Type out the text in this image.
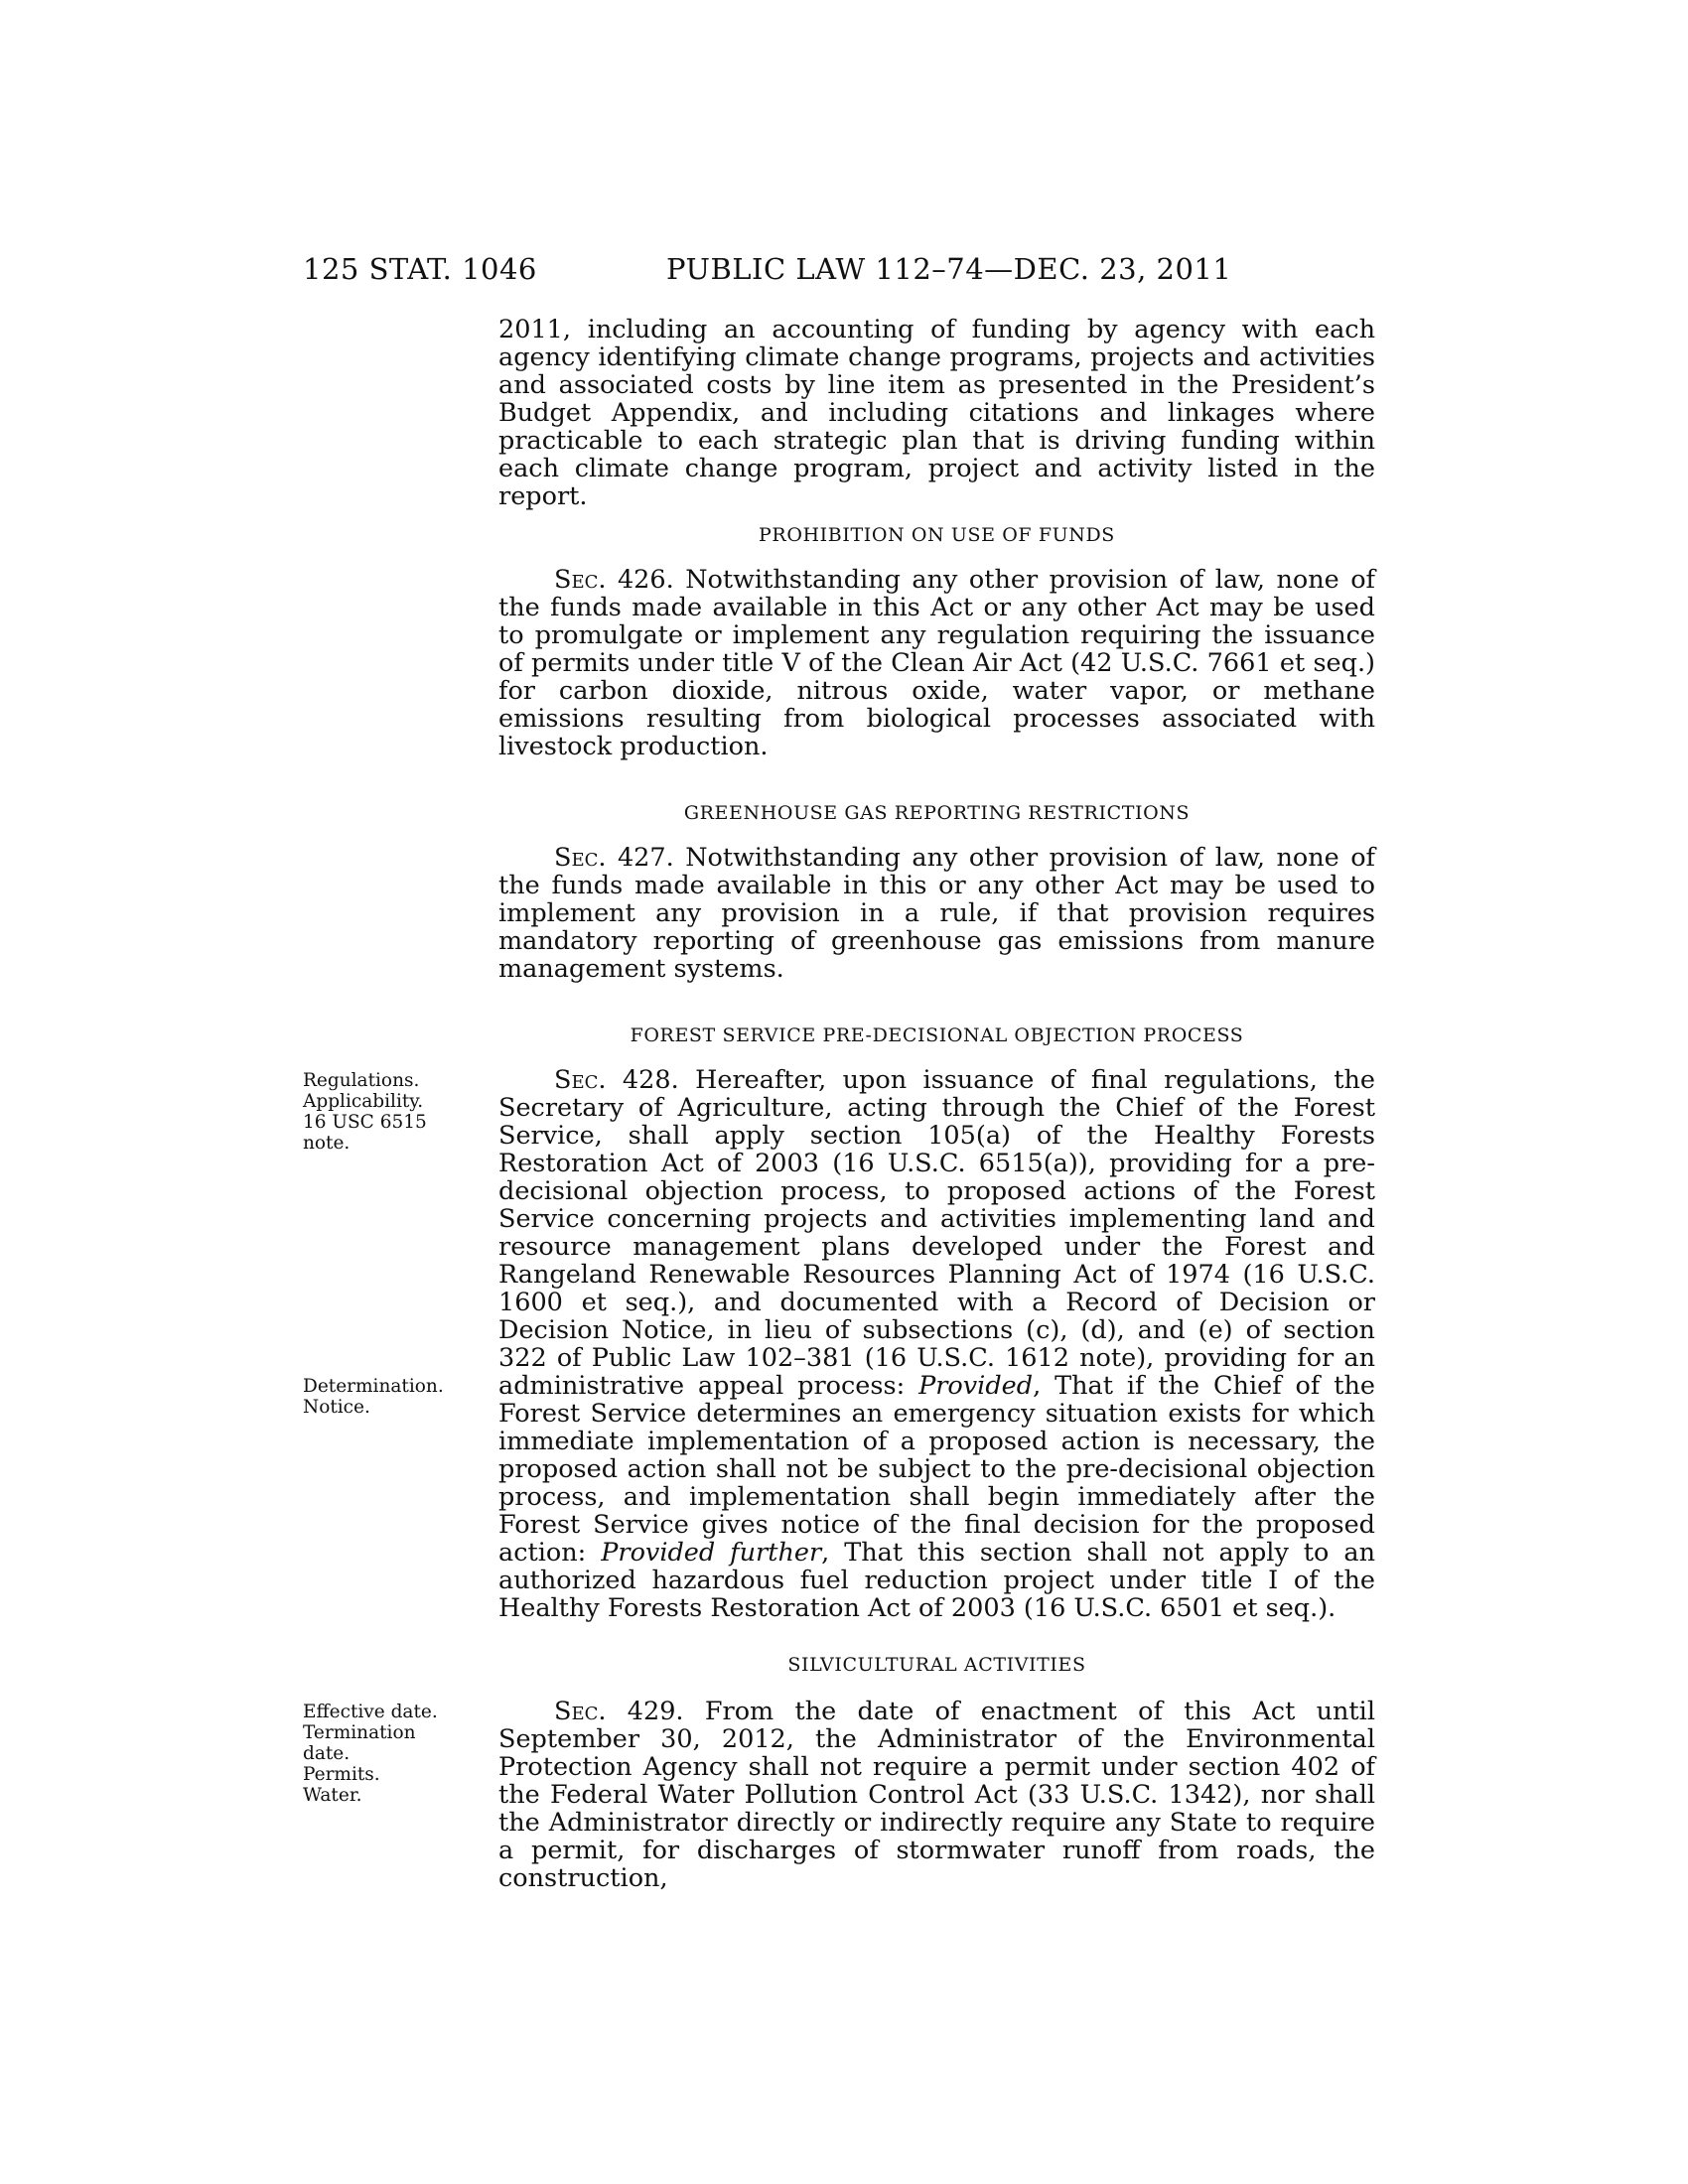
125 STAT. 1046	PUBLIC LAW 112–74—DEC. 23, 2011

2011, including an accounting of funding by agency with each agency identifying climate change programs, projects and activities and associated costs by line item as presented in the President’s Budget Appendix, and including citations and linkages where practicable to each strategic plan that is driving funding within each climate change program, project and activity listed in the report.

PROHIBITION ON USE OF FUNDS

Sec. 426. Notwithstanding any other provision of law, none of the funds made available in this Act or any other Act may be used to promulgate or implement any regulation requiring the issuance of permits under title V of the Clean Air Act (42 U.S.C. 7661 et seq.) for carbon dioxide, nitrous oxide, water vapor, or methane emissions resulting from biological processes associated with livestock production.

GREENHOUSE GAS REPORTING RESTRICTIONS

Sec. 427. Notwithstanding any other provision of law, none of the funds made available in this or any other Act may be used to implement any provision in a rule, if that provision requires mandatory reporting of greenhouse gas emissions from manure management systems.

FOREST SERVICE PRE-DECISIONAL OBJECTION PROCESS
Regulations.
Applicability.
16 USC 6515
note.
Determination.
Notice.

Sec. 428. Hereafter, upon issuance of final regulations, the Secretary of Agriculture, acting through the Chief of the Forest Service, shall apply section 105(a) of the Healthy Forests Restoration Act of 2003 (16 U.S.C. 6515(a)), providing for a pre-decisional objection process, to proposed actions of the Forest Service concerning projects and activities implementing land and resource management plans developed under the Forest and Rangeland Renewable Resources Planning Act of 1974 (16 U.S.C. 1600 et seq.), and documented with a Record of Decision or Decision Notice, in lieu of subsections (c), (d), and (e) of section 322 of Public Law 102–381 (16 U.S.C. 1612 note), providing for an administrative appeal process: Provided, That if the Chief of the Forest Service determines an emergency situation exists for which immediate implementation of a proposed action is necessary, the proposed action shall not be subject to the pre-decisional objection process, and implementation shall begin immediately after the Forest Service gives notice of the final decision for the proposed action: Provided further, That this section shall not apply to an authorized hazardous fuel reduction project under title I of the Healthy Forests Restoration Act of 2003 (16 U.S.C. 6501 et seq.).

SILVICULTURAL ACTIVITIES
Effective date.
Termination
date.
Permits.
Water.

Sec. 429. From the date of enactment of this Act until September 30, 2012, the Administrator of the Environmental Protection Agency shall not require a permit under section 402 of the Federal Water Pollution Control Act (33 U.S.C. 1342), nor shall the Administrator directly or indirectly require any State to require a permit, for discharges of stormwater runoff from roads, the construction,
